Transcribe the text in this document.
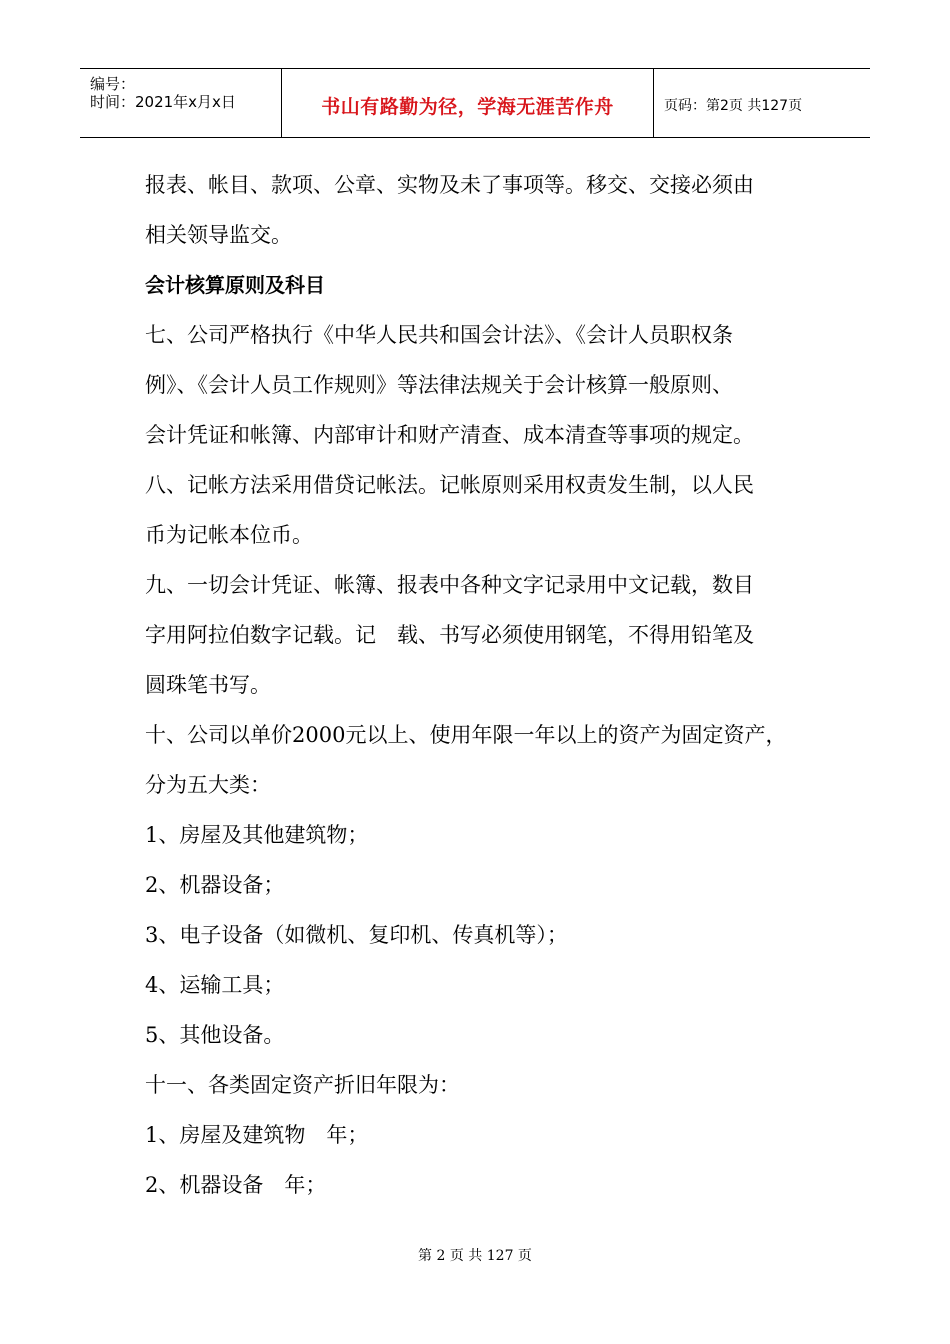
编号：
时间：2021年x月x日	书山有路勤为径，学海无涯苦作舟	页码：第2页 共127页
报表、帐目、款项、公章、实物及未了事项等。移交、交接必须由
相关领导监交。
会计核算原则及科目
七、公司严格执行《中华人民共和国会计法》、《会计人员职权条
例》、《会计人员工作规则》等法律法规关于会计核算一般原则、
会计凭证和帐簿、内部审计和财产清查、成本清查等事项的规定。
八、记帐方法采用借贷记帐法。记帐原则采用权责发生制，以人民
币为记帐本位币。
九、一切会计凭证、帐簿、报表中各种文字记录用中文记载，数目
字用阿拉伯数字记载。记　载、书写必须使用钢笔，不得用铅笔及
圆珠笔书写。
十、公司以单价2000元以上、使用年限一年以上的资产为固定资产，
分为五大类：
1、房屋及其他建筑物；
2、机器设备；
3、电子设备（如微机、复印机、传真机等）；
4、运输工具；
5、其他设备。
十一、各类固定资产折旧年限为：
1、房屋及建筑物　年；
2、机器设备　年；
第 2 页 共 127 页
